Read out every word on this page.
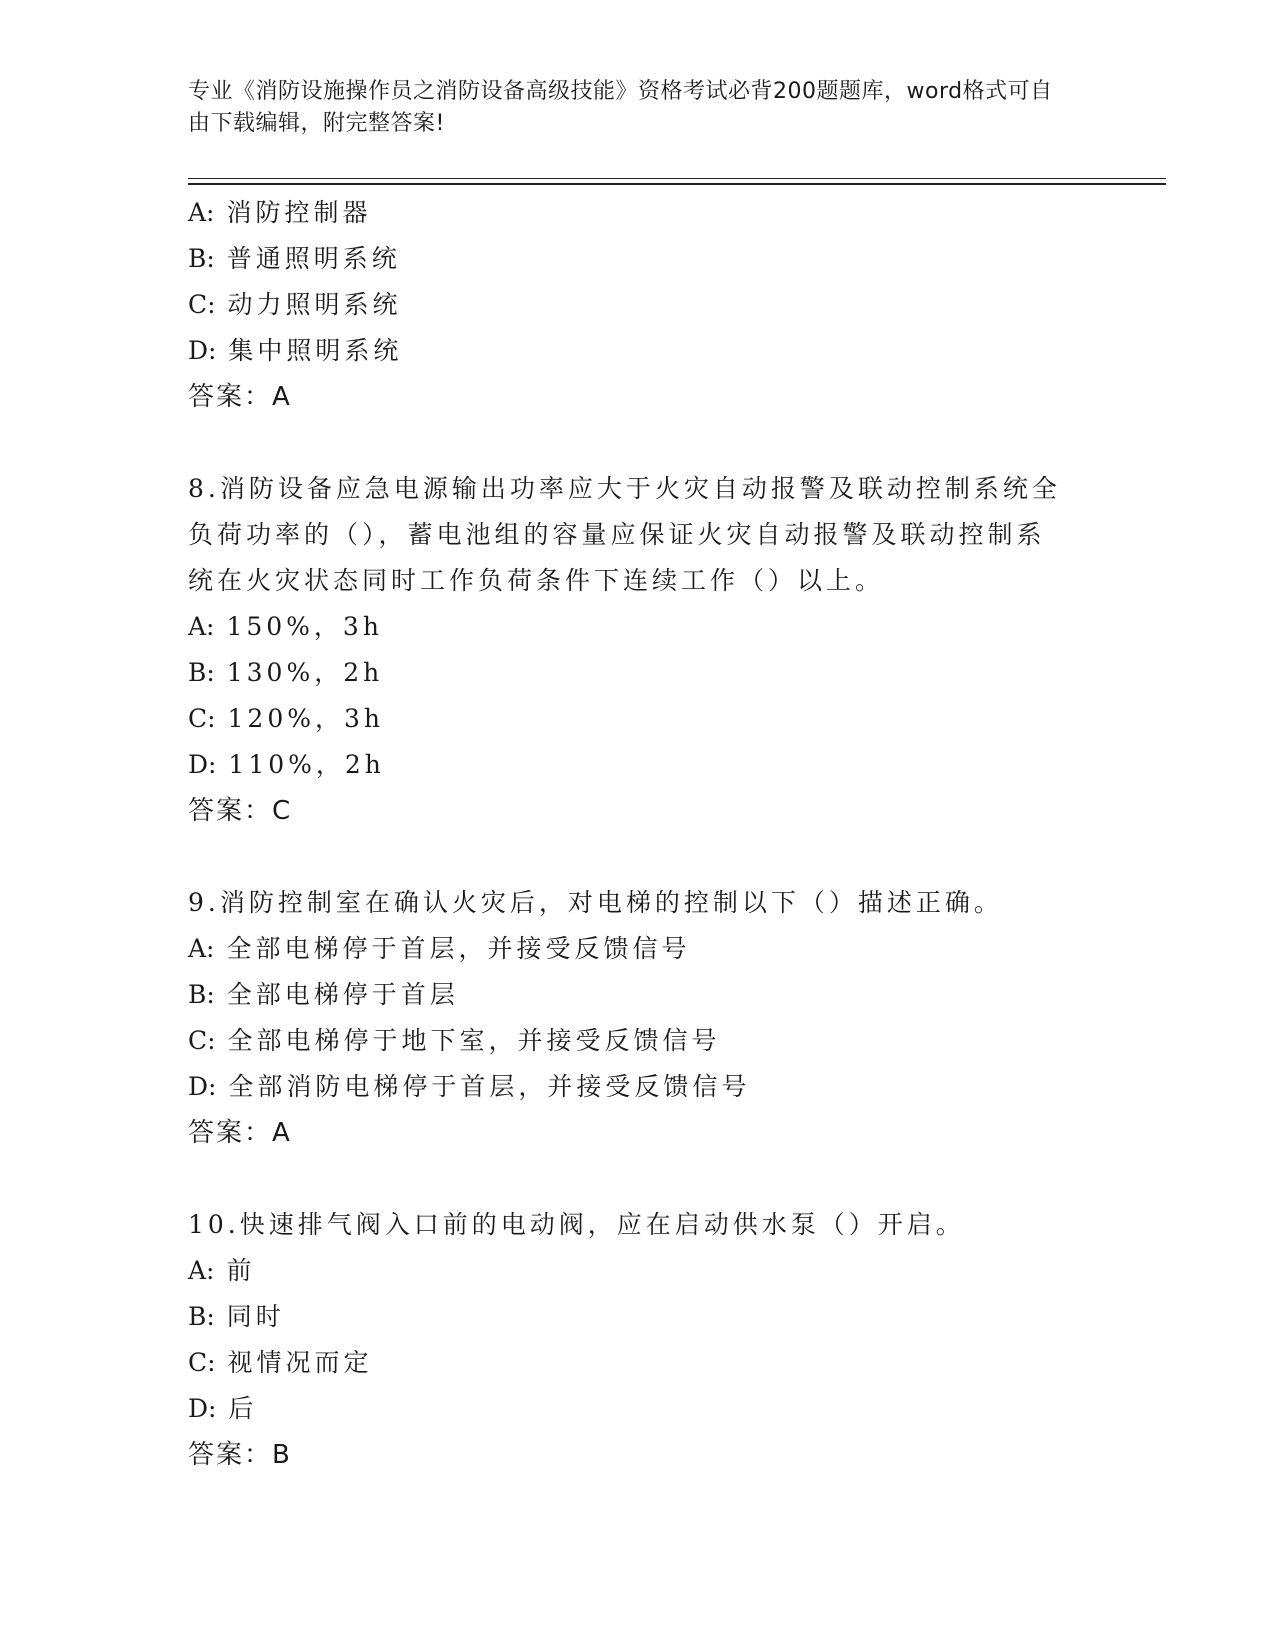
专业《消防设施操作员之消防设备高级技能》资格考试必背200题题库，word格式可自由下载编辑，附完整答案!
A: 消防控制器
B: 普通照明系统
C: 动力照明系统
D: 集中照明系统
答案：A
8.消防设备应急电源输出功率应大于火灾自动报警及联动控制系统全负荷功率的（），蓄电池组的容量应保证火灾自动报警及联动控制系统在火灾状态同时工作负荷条件下连续工作（）以上。
A: 150%，3h
B: 130%，2h
C: 120%，3h
D: 110%，2h
答案：C
9.消防控制室在确认火灾后，对电梯的控制以下（）描述正确。
A: 全部电梯停于首层，并接受反馈信号
B: 全部电梯停于首层
C: 全部电梯停于地下室，并接受反馈信号
D: 全部消防电梯停于首层，并接受反馈信号
答案：A
10.快速排气阀入口前的电动阀，应在启动供水泵（）开启。
A: 前
B: 同时
C: 视情况而定
D: 后
答案：B
